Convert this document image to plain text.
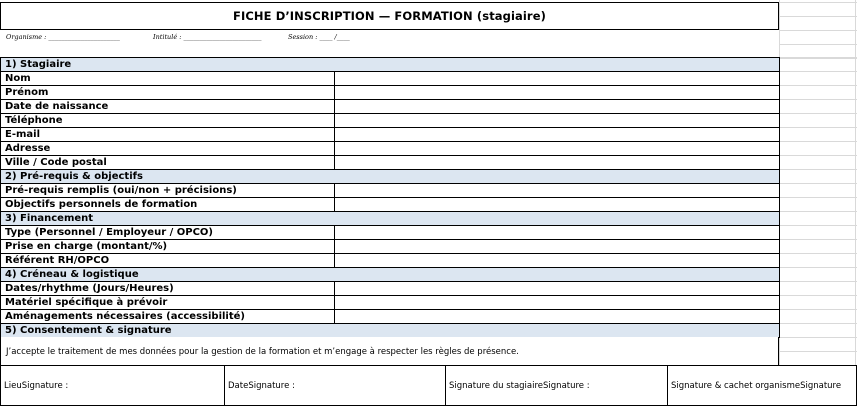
FICHE D’INSCRIPTION — FORMATION (stagiaire)
Organisme : ______________________	Intitulé : ________________________	Session : ____ /____
1) Stagiaire	
Nom	
Prénom	
Date de naissance	
Téléphone	
E-mail	
Adresse	
Ville / Code postal	
2) Pré-requis & objectifs	
Pré-requis remplis (oui/non + précisions)	
Objectifs personnels de formation	
3) Financement	
Type (Personnel / Employeur / OPCO)	
Prise en charge (montant/%)	
Référent RH/OPCO	
4) Créneau & logistique	
Dates/rhythme (Jours/Heures)	
Matériel spécifique à prévoir	
Aménagements nécessaires (accessibilité)	
5) Consentement & signature	
J’accepte le traitement de mes données pour la gestion de la formation et m’engage à respecter les règles de présence.
LieuSignature :	DateSignature :	Signature du stagiaireSignature :	Signature & cachet organismeSignature
